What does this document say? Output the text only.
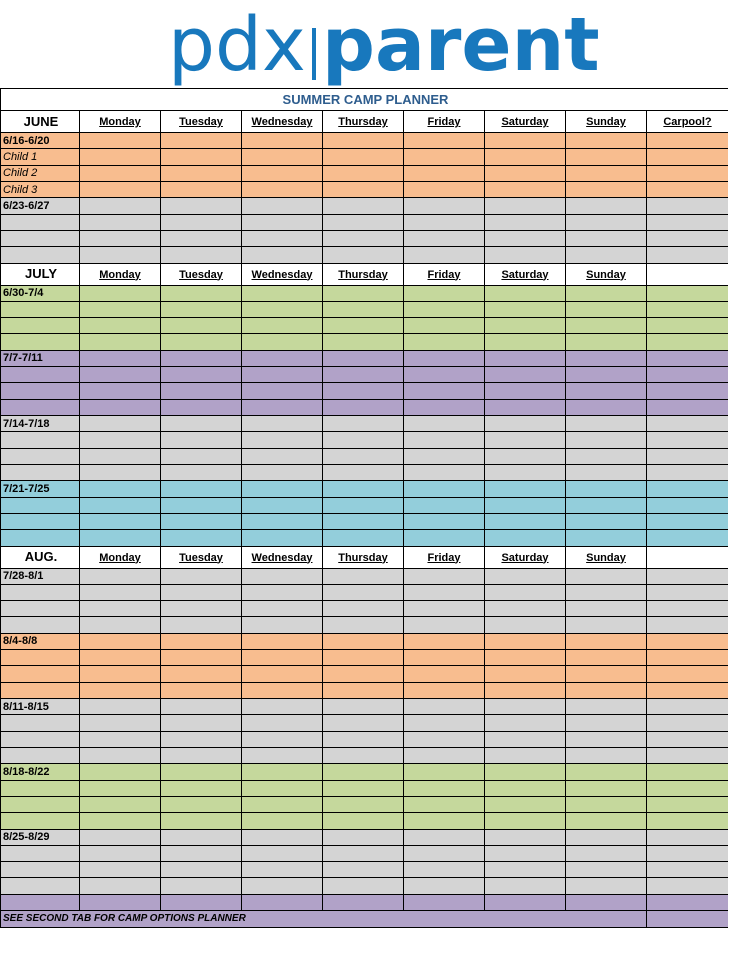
pdx parent
SUMMER CAMP PLANNER								
JUNE	Monday	Tuesday	Wednesday	Thursday	Friday	Saturday	Sunday	Carpool?
6/16-6/20								
Child 1								
Child 2								
Child 3								
6/23-6/27								

JULY	Monday	Tuesday	Wednesday	Thursday	Friday	Saturday	Sunday	
6/30-7/4								

7/7-7/11								

7/14-7/18								

7/21-7/25								

AUG.	Monday	Tuesday	Wednesday	Thursday	Friday	Saturday	Sunday	
7/28-8/1								

8/4-8/8								

8/11-8/15								

8/18-8/22								

8/25-8/29								

SEE SECOND TAB FOR CAMP OPTIONS PLANNER								
